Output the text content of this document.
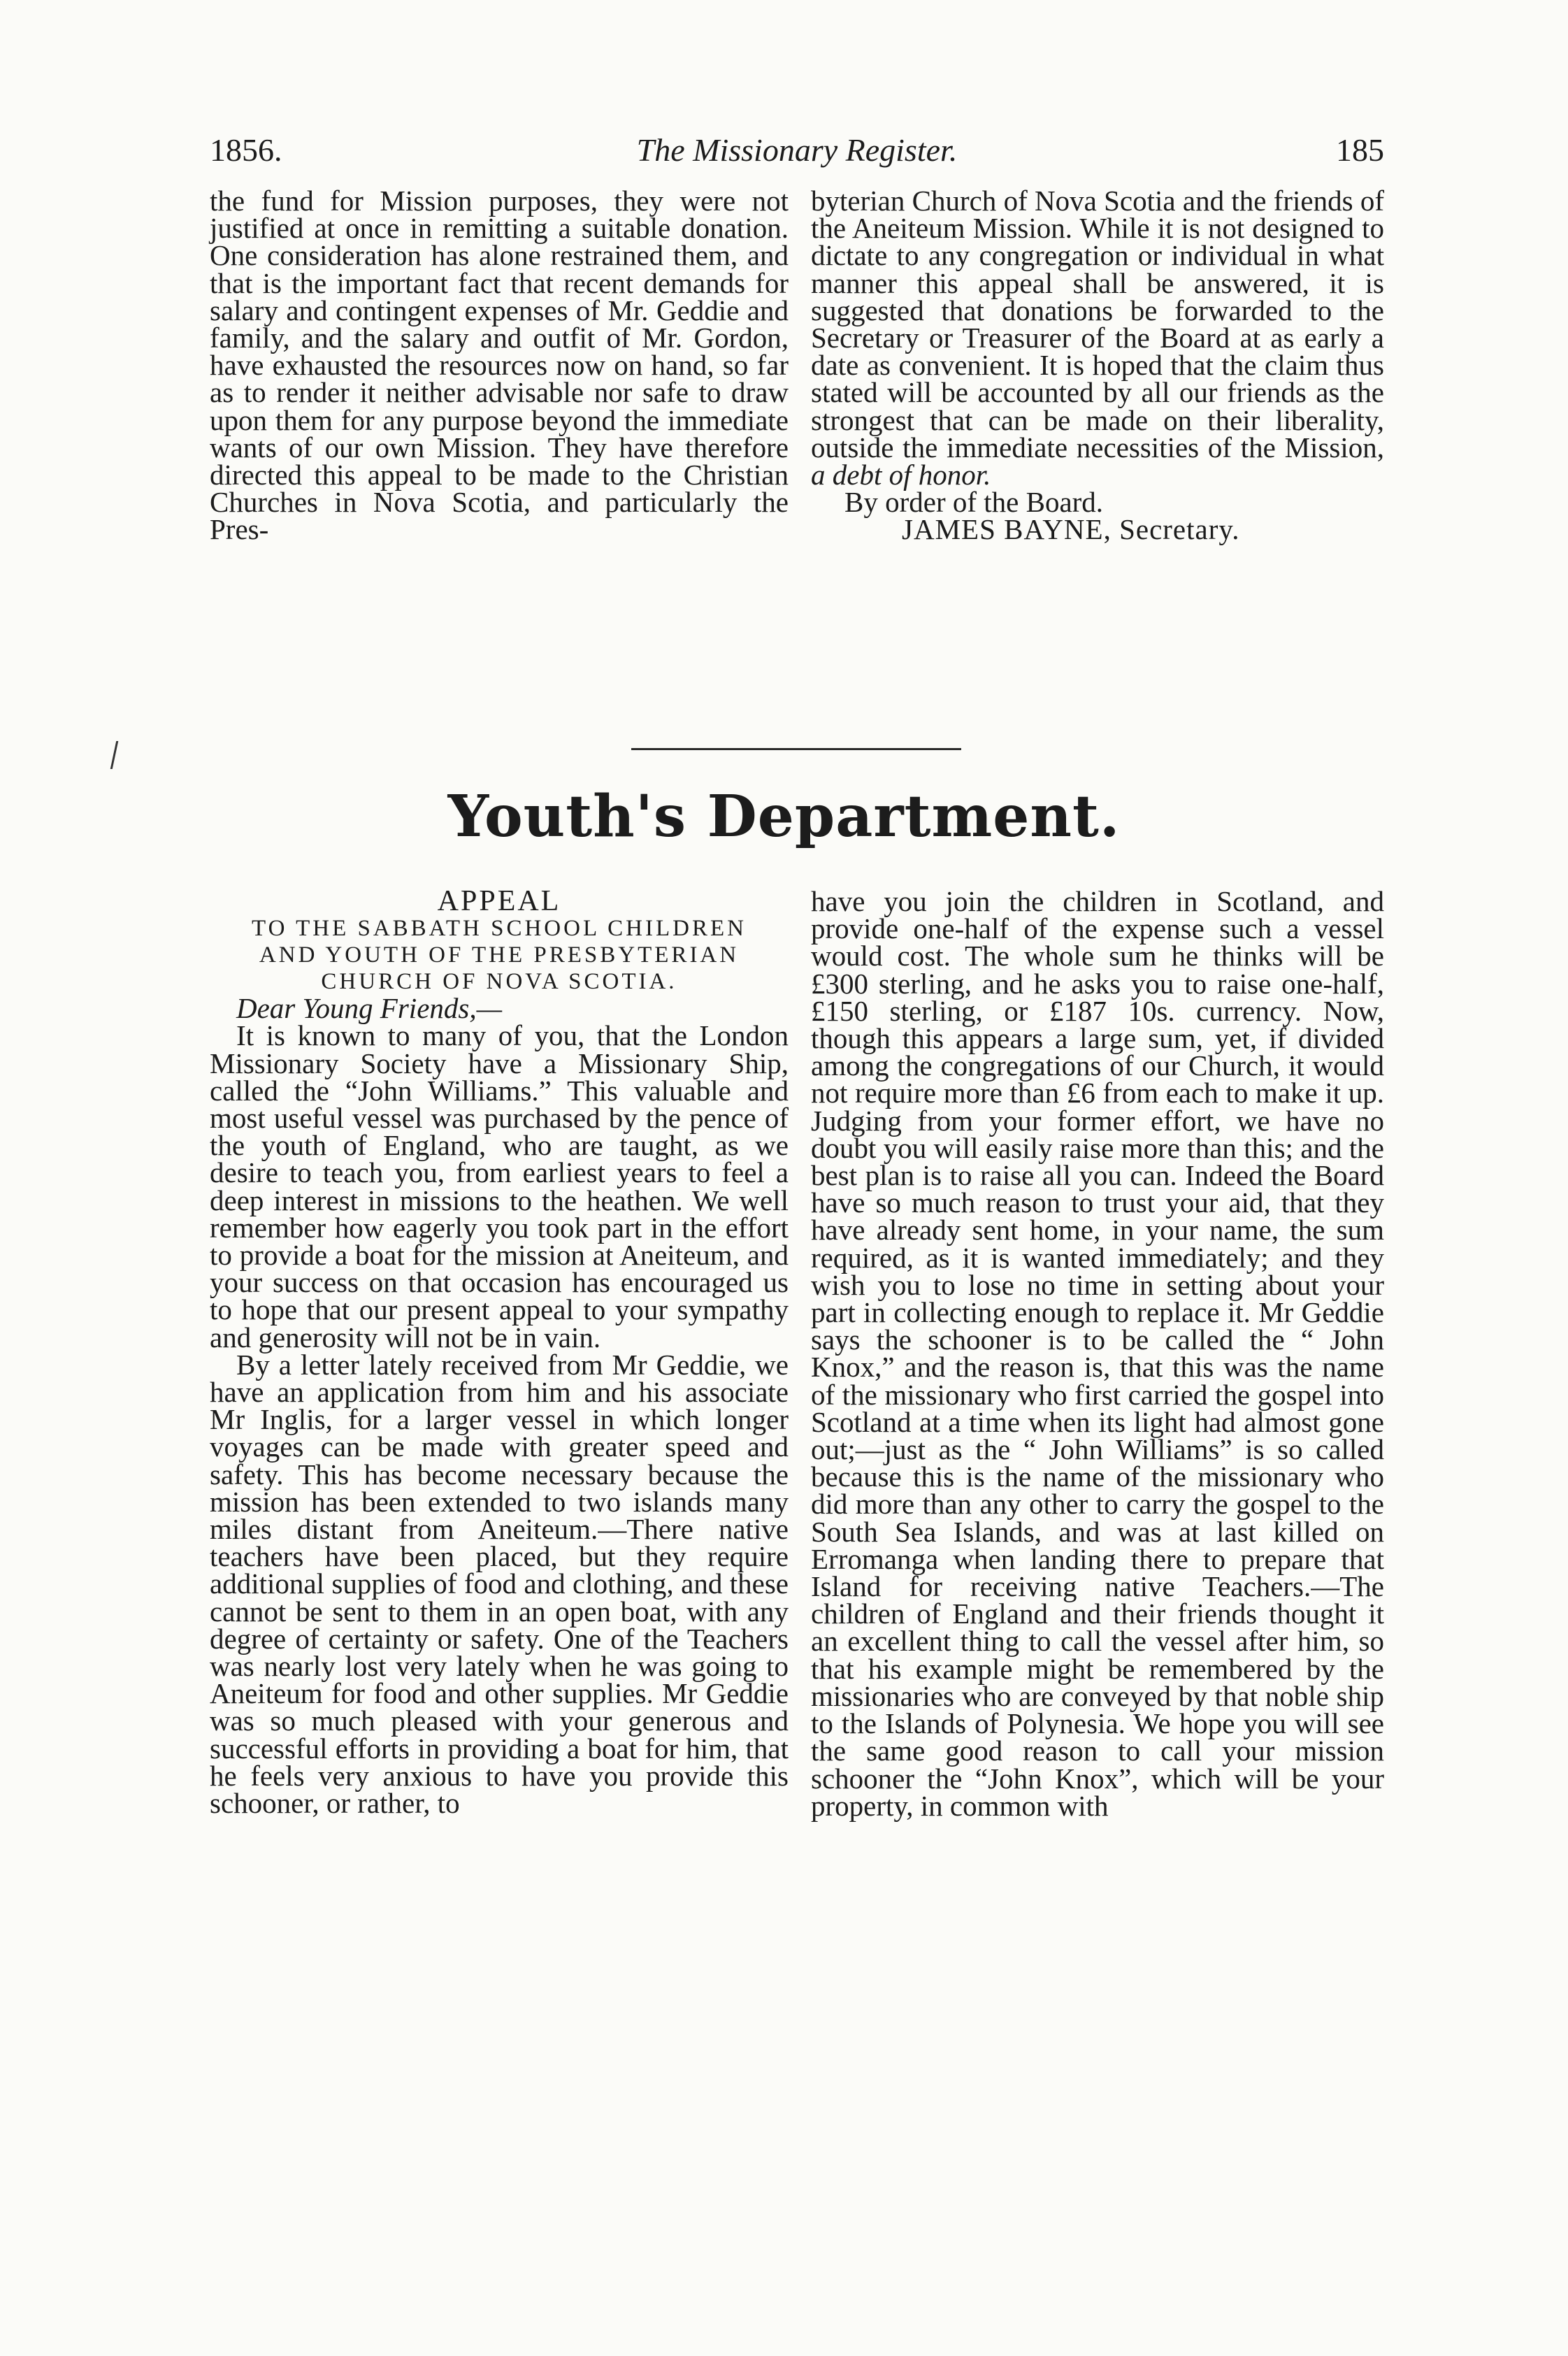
1856.	The Missionary Register.	185

the fund for Mission purposes, they were not justified at once in remitting a suitable donation. One consideration has alone restrained them, and that is the important fact that recent demands for salary and contingent expenses of Mr. Geddie and family, and the salary and outfit of Mr. Gordon, have exhausted the resources now on hand, so far as to render it neither advisable nor safe to draw upon them for any purpose beyond the immediate wants of our own Mission. They have therefore directed this appeal to be made to the Christian Churches in Nova Scotia, and particularly the Pres-

byterian Church of Nova Scotia and the friends of the Aneiteum Mission. While it is not designed to dictate to any congregation or individual in what manner this appeal shall be answered, it is suggested that donations be forwarded to the Secretary or Treasurer of the Board at as early a date as convenient. It is hoped that the claim thus stated will be accounted by all our friends as the strongest that can be made on their liberality, outside the immediate necessities of the Mission, a debt of honor.

By order of the Board.

JAMES BAYNE, Secretary.

Youth's Department.

APPEAL

TO THE SABBATH SCHOOL CHILDREN

AND YOUTH OF THE PRESBYTERIAN

CHURCH OF NOVA SCOTIA.

Dear Young Friends,—

It is known to many of you, that the London Missionary Society have a Missionary Ship, called the “John Williams.” This valuable and most useful vessel was purchased by the pence of the youth of England, who are taught, as we desire to teach you, from earliest years to feel a deep interest in missions to the heathen. We well remember how eagerly you took part in the effort to provide a boat for the mission at Aneiteum, and your success on that occasion has encouraged us to hope that our present appeal to your sympathy and generosity will not be in vain.

By a letter lately received from Mr Geddie, we have an application from him and his associate Mr Inglis, for a larger vessel in which longer voyages can be made with greater speed and safety. This has become necessary because the mission has been extended to two islands many miles distant from Aneiteum.—There native teachers have been placed, but they require additional supplies of food and clothing, and these cannot be sent to them in an open boat, with any degree of certainty or safety. One of the Teachers was nearly lost very lately when he was going to Aneiteum for food and other supplies. Mr Geddie was so much pleased with your generous and successful efforts in providing a boat for him, that he feels very anxious to have you provide this schooner, or rather, to

have you join the children in Scotland, and provide one-half of the expense such a vessel would cost. The whole sum he thinks will be £300 sterling, and he asks you to raise one-half, £150 sterling, or £187 10s. currency. Now, though this appears a large sum, yet, if divided among the congregations of our Church, it would not require more than £6 from each to make it up. Judging from your former effort, we have no doubt you will easily raise more than this; and the best plan is to raise all you can. Indeed the Board have so much reason to trust your aid, that they have already sent home, in your name, the sum required, as it is wanted immediately; and they wish you to lose no time in setting about your part in collecting enough to replace it. Mr Geddie says the schooner is to be called the “ John Knox,” and the reason is, that this was the name of the missionary who first carried the gospel into Scotland at a time when its light had almost gone out;—just as the “ John Williams” is so called because this is the name of the missionary who did more than any other to carry the gospel to the South Sea Islands, and was at last killed on Erromanga when landing there to prepare that Island for receiving native Teachers.—The children of England and their friends thought it an excellent thing to call the vessel after him, so that his example might be remembered by the missionaries who are conveyed by that noble ship to the Islands of Polynesia. We hope you will see the same good reason to call your mission schooner the “John Knox”, which will be your property, in common with
